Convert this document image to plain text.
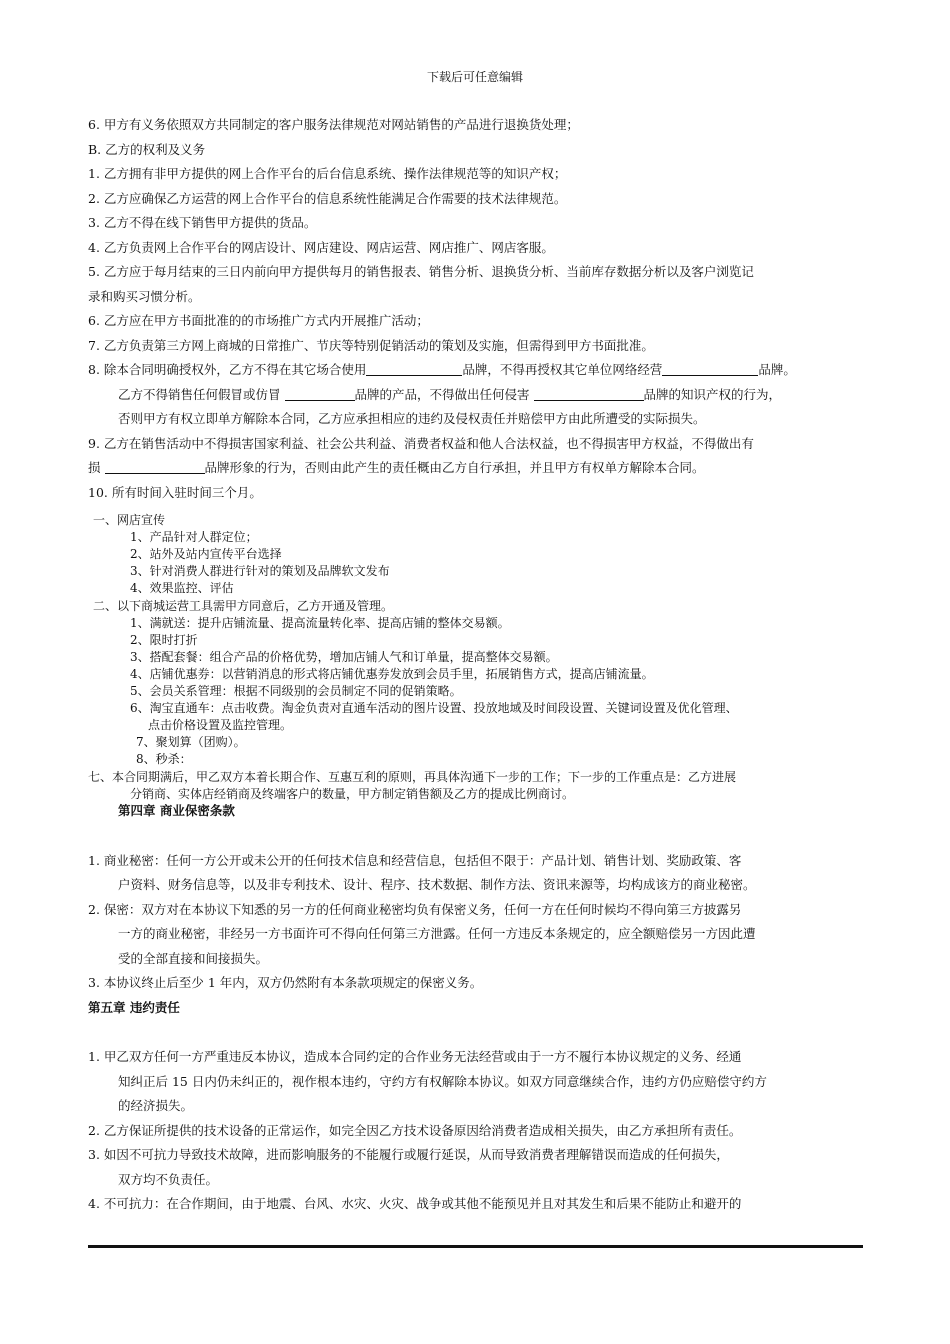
下载后可任意编辑
6. 甲方有义务依照双方共同制定的客户服务法律规范对网站销售的产品进行退换货处理；
B. 乙方的权利及义务
1. 乙方拥有非甲方提供的网上合作平台的后台信息系统、操作法律规范等的知识产权；
2. 乙方应确保乙方运营的网上合作平台的信息系统性能满足合作需要的技术法律规范。
3. 乙方不得在线下销售甲方提供的货品。
4. 乙方负责网上合作平台的网店设计、网店建设、网店运营、网店推广、网店客服。
5. 乙方应于每月结束的三日内前向甲方提供每月的销售报表、销售分析、退换货分析、当前库存数据分析以及客户浏览记
录和购买习惯分析。
6. 乙方应在甲方书面批准的的市场推广方式内开展推广活动；
7. 乙方负责第三方网上商城的日常推广、节庆等特别促销活动的策划及实施，但需得到甲方书面批准。
8. 除本合同明确授权外，乙方不得在其它场合使用	品牌，不得再授权其它单位网络经营	品牌。
乙方不得销售任何假冒或仿冒	品牌的产品，不得做出任何侵害	品牌的知识产权的行为，
否则甲方有权立即单方解除本合同，乙方应承担相应的违约及侵权责任并赔偿甲方由此所遭受的实际损失。
9. 乙方在销售活动中不得损害国家利益、社会公共利益、消费者权益和他人合法权益，也不得损害甲方权益，不得做出有
损	品牌形象的行为，否则由此产生的责任概由乙方自行承担，并且甲方有权单方解除本合同。
10. 所有时间入驻时间三个月。
一、网店宣传
1、产品针对人群定位；
2、站外及站内宣传平台选择
3、针对消费人群进行针对的策划及品牌软文发布
4、效果监控、评估
二、以下商城运营工具需甲方同意后，乙方开通及管理。
1、满就送：提升店铺流量、提高流量转化率、提高店铺的整体交易额。
2、限时打折
3、搭配套餐：组合产品的价格优势，增加店铺人气和订单量，提高整体交易额。
4、店铺优惠券：以营销消息的形式将店铺优惠券发放到会员手里，拓展销售方式，提高店铺流量。
5、会员关系管理：根据不同级别的会员制定不同的促销策略。
6、淘宝直通车：点击收费。淘金负责对直通车活动的图片设置、投放地域及时间段设置、关键词设置及优化管理、
点击价格设置及监控管理。
7、聚划算（团购）。
8、秒杀：
七、本合同期满后，甲乙双方本着长期合作、互惠互利的原则，再具体沟通下一步的工作；下一步的工作重点是：乙方进展
分销商、实体店经销商及终端客户的数量，甲方制定销售额及乙方的提成比例商讨。
第四章 商业保密条款
1. 商业秘密：任何一方公开或未公开的任何技术信息和经营信息，包括但不限于：产品计划、销售计划、奖励政策、客
户资料、财务信息等，以及非专利技术、设计、程序、技术数据、制作方法、资讯来源等，均构成该方的商业秘密。
2. 保密：双方对在本协议下知悉的另一方的任何商业秘密均负有保密义务，任何一方在任何时候均不得向第三方披露另
一方的商业秘密，非经另一方书面许可不得向任何第三方泄露。任何一方违反本条规定的，应全额赔偿另一方因此遭
受的全部直接和间接损失。
3. 本协议终止后至少 1 年内，双方仍然附有本条款项规定的保密义务。
第五章 违约责任
1. 甲乙双方任何一方严重违反本协议，造成本合同约定的合作业务无法经营或由于一方不履行本协议规定的义务、经通
知纠正后 15 日内仍未纠正的，视作根本违约，守约方有权解除本协议。如双方同意继续合作，违约方仍应赔偿守约方
的经济损失。
2. 乙方保证所提供的技术设备的正常运作，如完全因乙方技术设备原因给消费者造成相关损失，由乙方承担所有责任。
3. 如因不可抗力导致技术故障，进而影响服务的不能履行或履行延误，从而导致消费者理解错误而造成的任何损失，
双方均不负责任。
4. 不可抗力：在合作期间，由于地震、台风、水灾、火灾、战争或其他不能预见并且对其发生和后果不能防止和避开的
